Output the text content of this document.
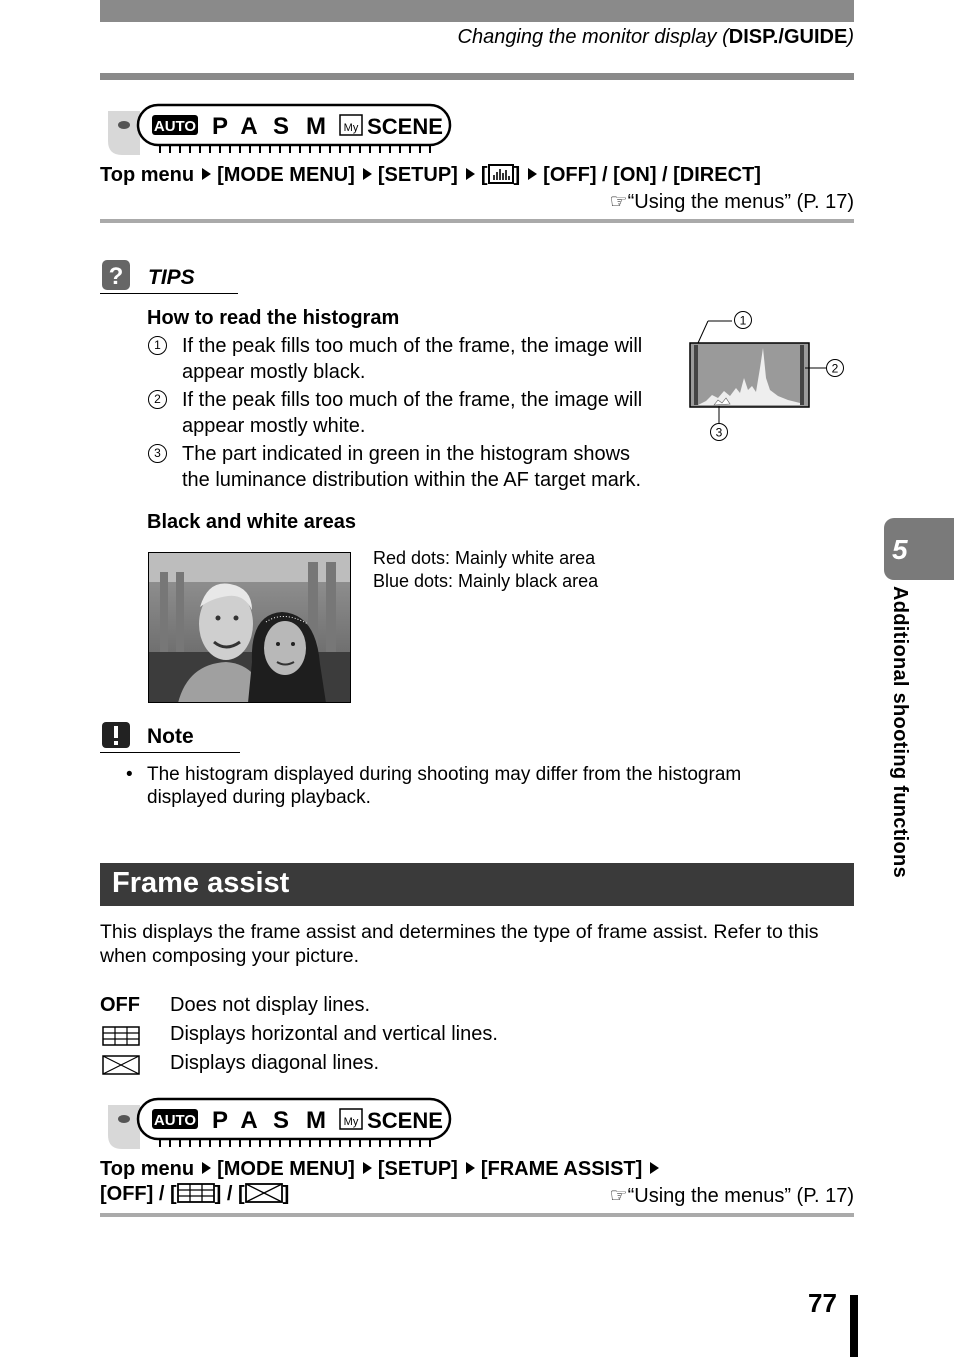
Changing the monitor display (DISP./GUIDE)
AUTO P A S M My SCENE
Top menu [MODE MENU] [SETUP] [ ] [OFF] / [ON] / [DIRECT]
☞“Using the menus” (P. 17)
? TIPS
How to read the histogram
1	If the peak fills too much of the frame, the image will
appear mostly black.
2	If the peak fills too much of the frame, the image will
appear mostly white.
3	The part indicated in green in the histogram shows
the luminance distribution within the AF target mark.
1
2
3
Black and white areas
Red dots: Mainly white area
Blue dots: Mainly black area
Note
• The histogram displayed during shooting may differ from the histogram
displayed during playback.
Frame assist
This displays the frame assist and determines the type of frame assist. Refer to this
when composing your picture.
OFF Does not display lines.
Displays horizontal and vertical lines.
Displays diagonal lines.
AUTO P A S M My SCENE
Top menu [MODE MENU] [SETUP] [FRAME ASSIST]
[OFF] / [ ] / [ ]	☞“Using the menus” (P. 17)
5
Additional shooting functions
77
